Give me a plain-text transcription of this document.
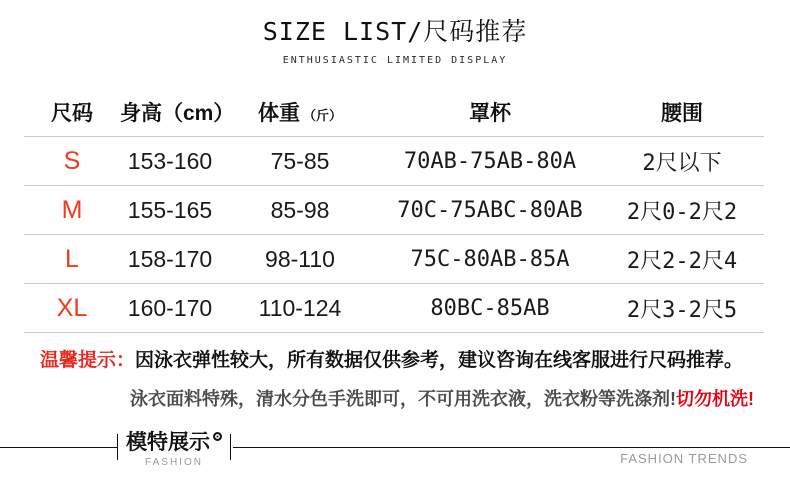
SIZE LIST/尺码推荐
ENTHUSIASTIC LIMITED DISPLAY
尺码	身高（cm）	体重 （斤）	罩杯	腰围
S	153-160	75-85	70AB-75AB-80A	2尺以下
M	155-165	85-98	70C-75ABC-80AB	2尺0-2尺2
L	158-170	98-110	75C-80AB-85A	2尺2-2尺4
XL	160-170	110-124	80BC-85AB	2尺3-2尺5
温馨提示：因泳衣弹性较大，所有数据仅供参考，建议咨询在线客服进行尺码推荐。
泳衣面料特殊，清水分色手洗即可，不可用洗衣液，洗衣粉等洗涤剂!切勿机洗!
模特展示
FASHION	FASHION TRENDS
